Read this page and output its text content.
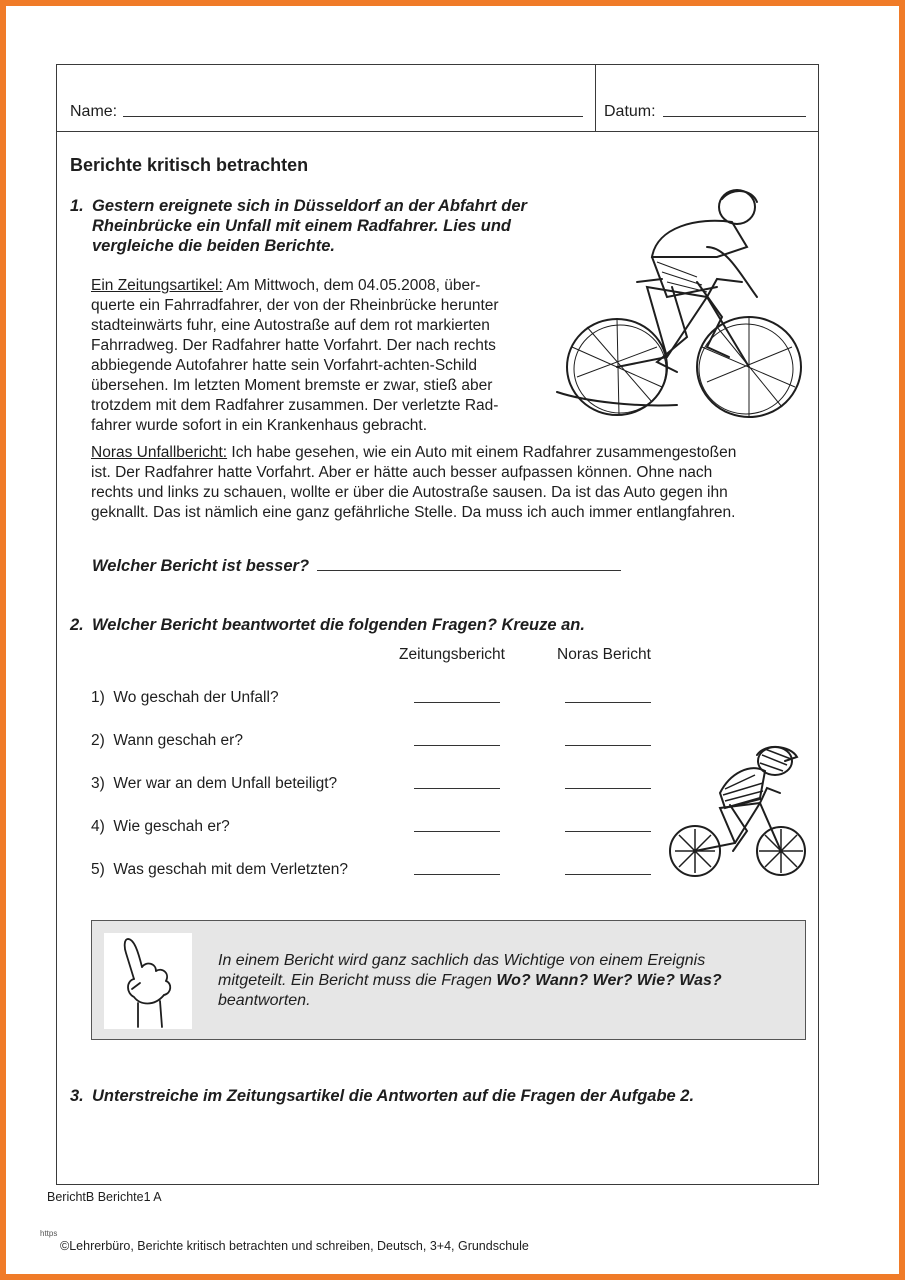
Name:	Datum:
Berichte kritisch betrachten
1. Gestern ereignete sich in Düsseldorf an der Abfahrt der
Rheinbrücke ein Unfall mit einem Radfahrer. Lies und
vergleiche die beiden Berichte.
Ein Zeitungsartikel: Am Mittwoch, dem 04.05.2008, über-
querte ein Fahrradfahrer, der von der Rheinbrücke herunter
stadteinwärts fuhr, eine Autostraße auf dem rot markierten
Fahrradweg. Der Radfahrer hatte Vorfahrt. Der nach rechts
abbiegende Autofahrer hatte sein Vorfahrt-achten-Schild
übersehen. Im letzten Moment bremste er zwar, stieß aber
trotzdem mit dem Radfahrer zusammen. Der verletzte Rad-
fahrer wurde sofort in ein Krankenhaus gebracht.
Noras Unfallbericht: Ich habe gesehen, wie ein Auto mit einem Radfahrer zusammengestoßen
ist. Der Radfahrer hatte Vorfahrt. Aber er hätte auch besser aufpassen können. Ohne nach
rechts und links zu schauen, wollte er über die Autostraße sausen. Da ist das Auto gegen ihn
geknallt. Das ist nämlich eine ganz gefährliche Stelle. Da muss ich auch immer entlangfahren.
Welcher Bericht ist besser?
2. Welcher Bericht beantwortet die folgenden Fragen? Kreuze an.
Zeitungsbericht	Noras Bericht
1) Wo geschah der Unfall?
2) Wann geschah er?
3) Wer war an dem Unfall beteiligt?
4) Wie geschah er?
5) Was geschah mit dem Verletzten?
In einem Bericht wird ganz sachlich das Wichtige von einem Ereignis
mitgeteilt. Ein Bericht muss die Fragen Wo? Wann? Wer? Wie? Was?
beantworten.
3. Unterstreiche im Zeitungsartikel die Antworten auf die Fragen der Aufgabe 2.
BerichtB Berichte1 A
https
©Lehrerbüro, Berichte kritisch betrachten und schreiben, Deutsch, 3+4, Grundschule
